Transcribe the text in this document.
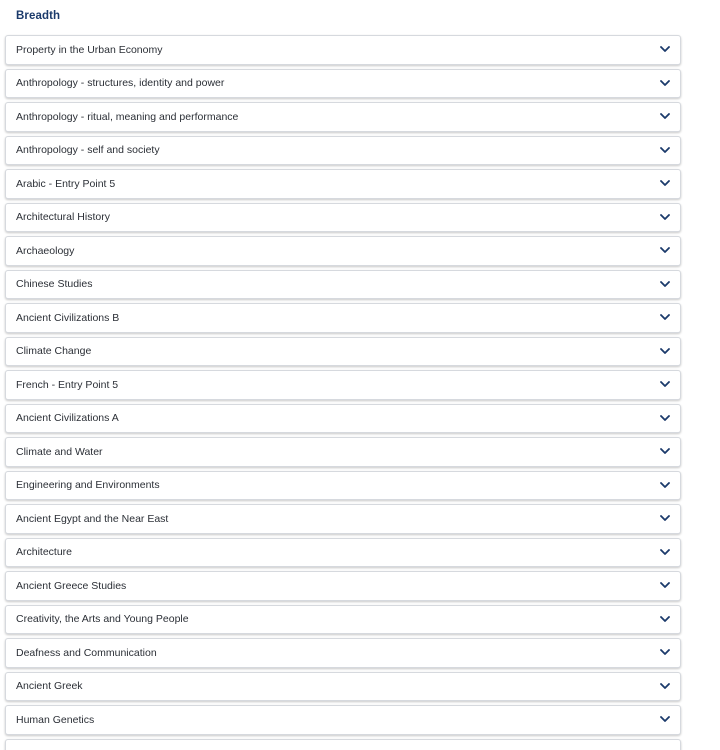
Breadth
Property in the Urban Economy
Anthropology - structures, identity and power
Anthropology - ritual, meaning and performance
Anthropology - self and society
Arabic - Entry Point 5
Architectural History
Archaeology
Chinese Studies
Ancient Civilizations B
Climate Change
French - Entry Point 5
Ancient Civilizations A
Climate and Water
Engineering and Environments
Ancient Egypt and the Near East
Architecture
Ancient Greece Studies
Creativity, the Arts and Young People
Deafness and Communication
Ancient Greek
Human Genetics
